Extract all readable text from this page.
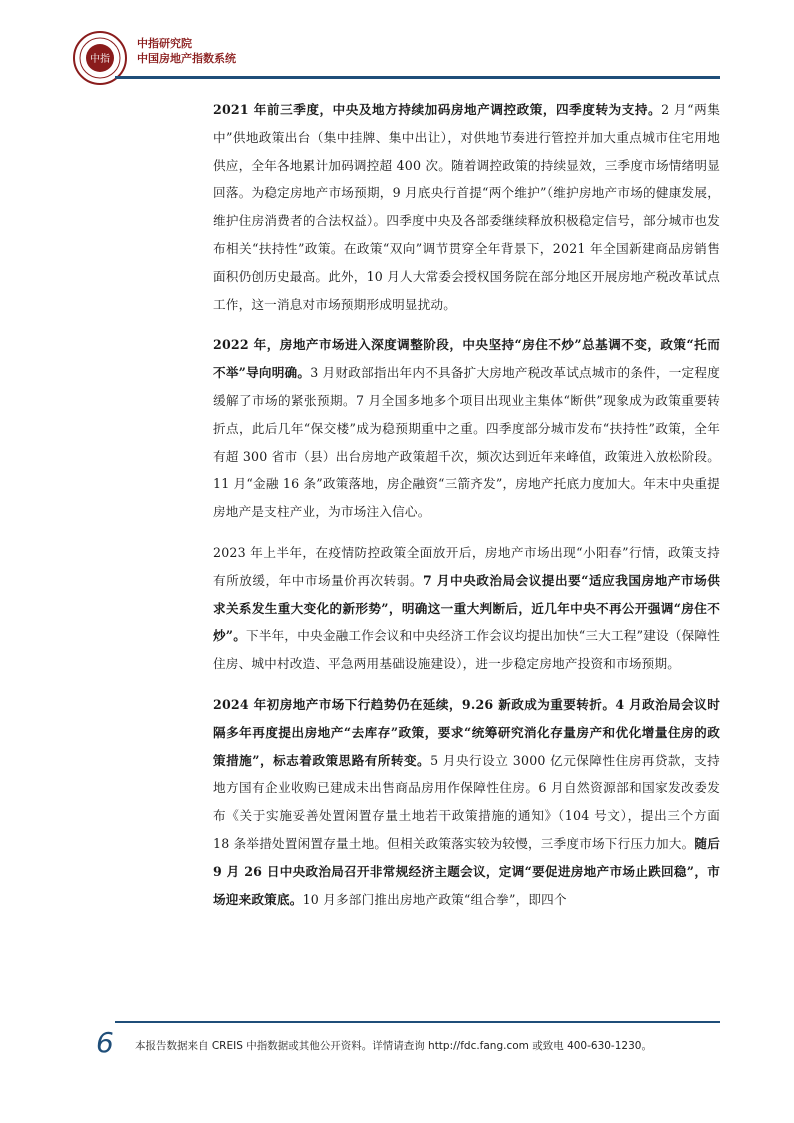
中指
中指研究院
中国房地产指数系统

2021 年前三季度，中央及地方持续加码房地产调控政策，四季度转为支持。2 月“两集中”供地政策出台（集中挂牌、集中出让），对供地节奏进行管控并加大重点城市住宅用地供应，全年各地累计加码调控超 400 次。随着调控政策的持续显效，三季度市场情绪明显回落。为稳定房地产市场预期，9 月底央行首提“两个维护”（维护房地产市场的健康发展，维护住房消费者的合法权益）。四季度中央及各部委继续释放积极稳定信号，部分城市也发布相关“扶持性”政策。在政策“双向”调节贯穿全年背景下，2021 年全国新建商品房销售面积仍创历史最高。此外，10 月人大常委会授权国务院在部分地区开展房地产税改革试点工作，这一消息对市场预期形成明显扰动。

2022 年，房地产市场进入深度调整阶段，中央坚持“房住不炒”总基调不变，政策“托而不举”导向明确。3 月财政部指出年内不具备扩大房地产税改革试点城市的条件，一定程度缓解了市场的紧张预期。7 月全国多地多个项目出现业主集体“断供”现象成为政策重要转折点，此后几年“保交楼”成为稳预期重中之重。四季度部分城市发布“扶持性”政策，全年有超 300 省市（县）出台房地产政策超千次，频次达到近年来峰值，政策进入放松阶段。11 月“金融 16 条”政策落地，房企融资“三箭齐发”，房地产托底力度加大。年末中央重提房地产是支柱产业，为市场注入信心。

2023 年上半年，在疫情防控政策全面放开后，房地产市场出现“小阳春”行情，政策支持有所放缓，年中市场量价再次转弱。7 月中央政治局会议提出要“适应我国房地产市场供求关系发生重大变化的新形势”，明确这一重大判断后，近几年中央不再公开强调“房住不炒”。下半年，中央金融工作会议和中央经济工作会议均提出加快“三大工程”建设（保障性住房、城中村改造、平急两用基础设施建设），进一步稳定房地产投资和市场预期。

2024 年初房地产市场下行趋势仍在延续，9.26 新政成为重要转折。4 月政治局会议时隔多年再度提出房地产“去库存”政策，要求“统筹研究消化存量房产和优化增量住房的政策措施”，标志着政策思路有所转变。5 月央行设立 3000 亿元保障性住房再贷款，支持地方国有企业收购已建成未出售商品房用作保障性住房。6 月自然资源部和国家发改委发布《关于实施妥善处置闲置存量土地若干政策措施的通知》（104 号文），提出三个方面 18 条举措处置闲置存量土地。但相关政策落实较为较慢，三季度市场下行压力加大。随后 9 月 26 日中央政治局召开非常规经济主题会议，定调“要促进房地产市场止跌回稳”，市场迎来政策底。10 月多部门推出房地产政策“组合拳”，即四个

6 本报告数据来自 CREIS 中指数据或其他公开资料。详情请查询 http://fdc.fang.com 或致电 400-630-1230。
